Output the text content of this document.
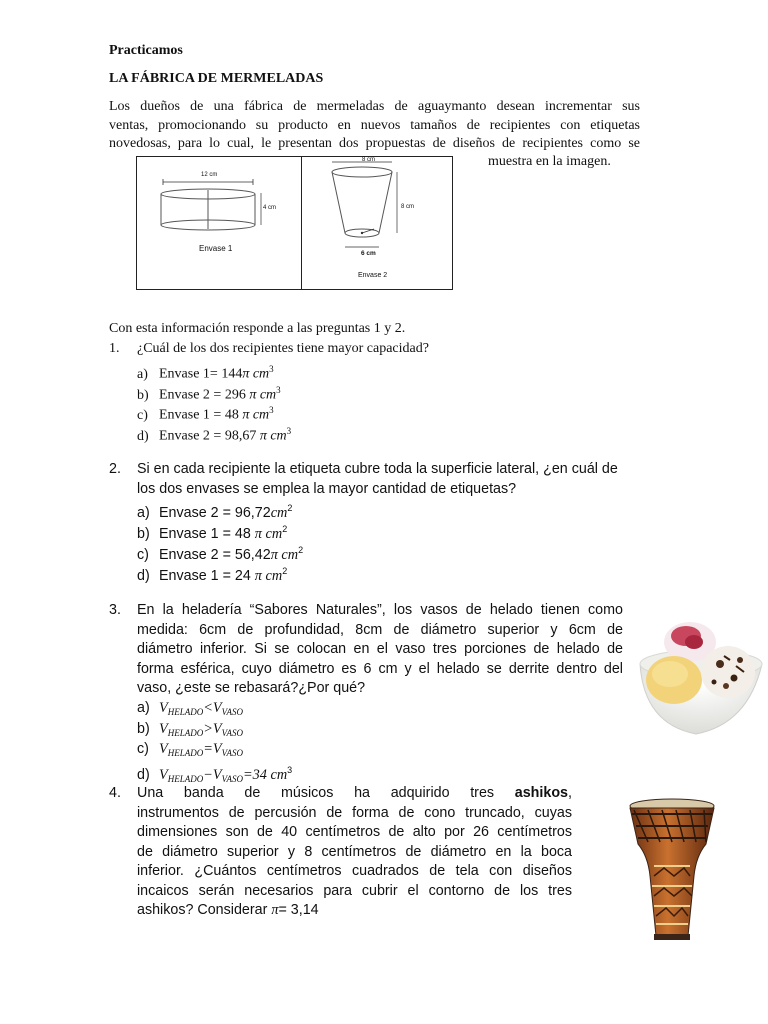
Practicamos
LA FÁBRICA DE MERMELADAS
Los dueños de una fábrica de mermeladas de aguaymanto desean incrementar sus
ventas, promocionando su producto en nuevos tamaños de recipientes con etiquetas
novedosas, para lo cual, le presentan dos propuestas de diseños de recipientes como se
muestra en la imagen.
12 cm
4 cm
Envase 1
8 cm
8 cm
6 cm
Envase 2
Con esta información responde a las preguntas 1 y 2.
1. ¿Cuál de los dos recipientes tiene mayor capacidad?
a) Envase 1= 144π $cm^3$
b) Envase 2 = 296 π $cm^3$
c) Envase 1 = 48 π $cm^3$
d) Envase 2 = 98,67 π $cm^3$
2. Si en cada recipiente la etiqueta cubre toda la superficie lateral, ¿en cuál de
los dos envases se emplea la mayor cantidad de etiquetas?
a) Envase $2 = 96,72cm^2$
b) Envase 1 = 48 π $cm^2$
c) Envase 2 = 56,42π $cm^2$
d) Envase 1 = 24 π $cm^2$
3. En la heladería “Sabores Naturales”, los vasos de helado tienen como
medida: 6cm de profundidad, 8cm de diámetro superior y 6cm de
diámetro inferior. Si se colocan en el vaso tres porciones de helado de
forma esférica, cuyo diámetro es 6 cm y el helado se derrite dentro del
vaso, ¿este se rebasará?¿Por qué?
a) $V_{HELADO}<V_{VASO}$
b) $V_{HELADO}>V_{VASO}$
c) $V_{HELADO}=V_{VASO}$
d) $V_{HELADO}-V_{VASO}=34$ $cm^3$
4. Una banda de músicos ha adquirido tres ashikos,
instrumentos de percusión de forma de cono truncado, cuyas
dimensiones son de 40 centímetros de alto por 26 centímetros
de diámetro superior y 8 centímetros de diámetro en la boca
inferior. ¿Cuántos centímetros cuadrados de tela con diseños
incaicos serán necesarios para cubrir el contorno de los tres
ashikos? Considerar π= 3,14
